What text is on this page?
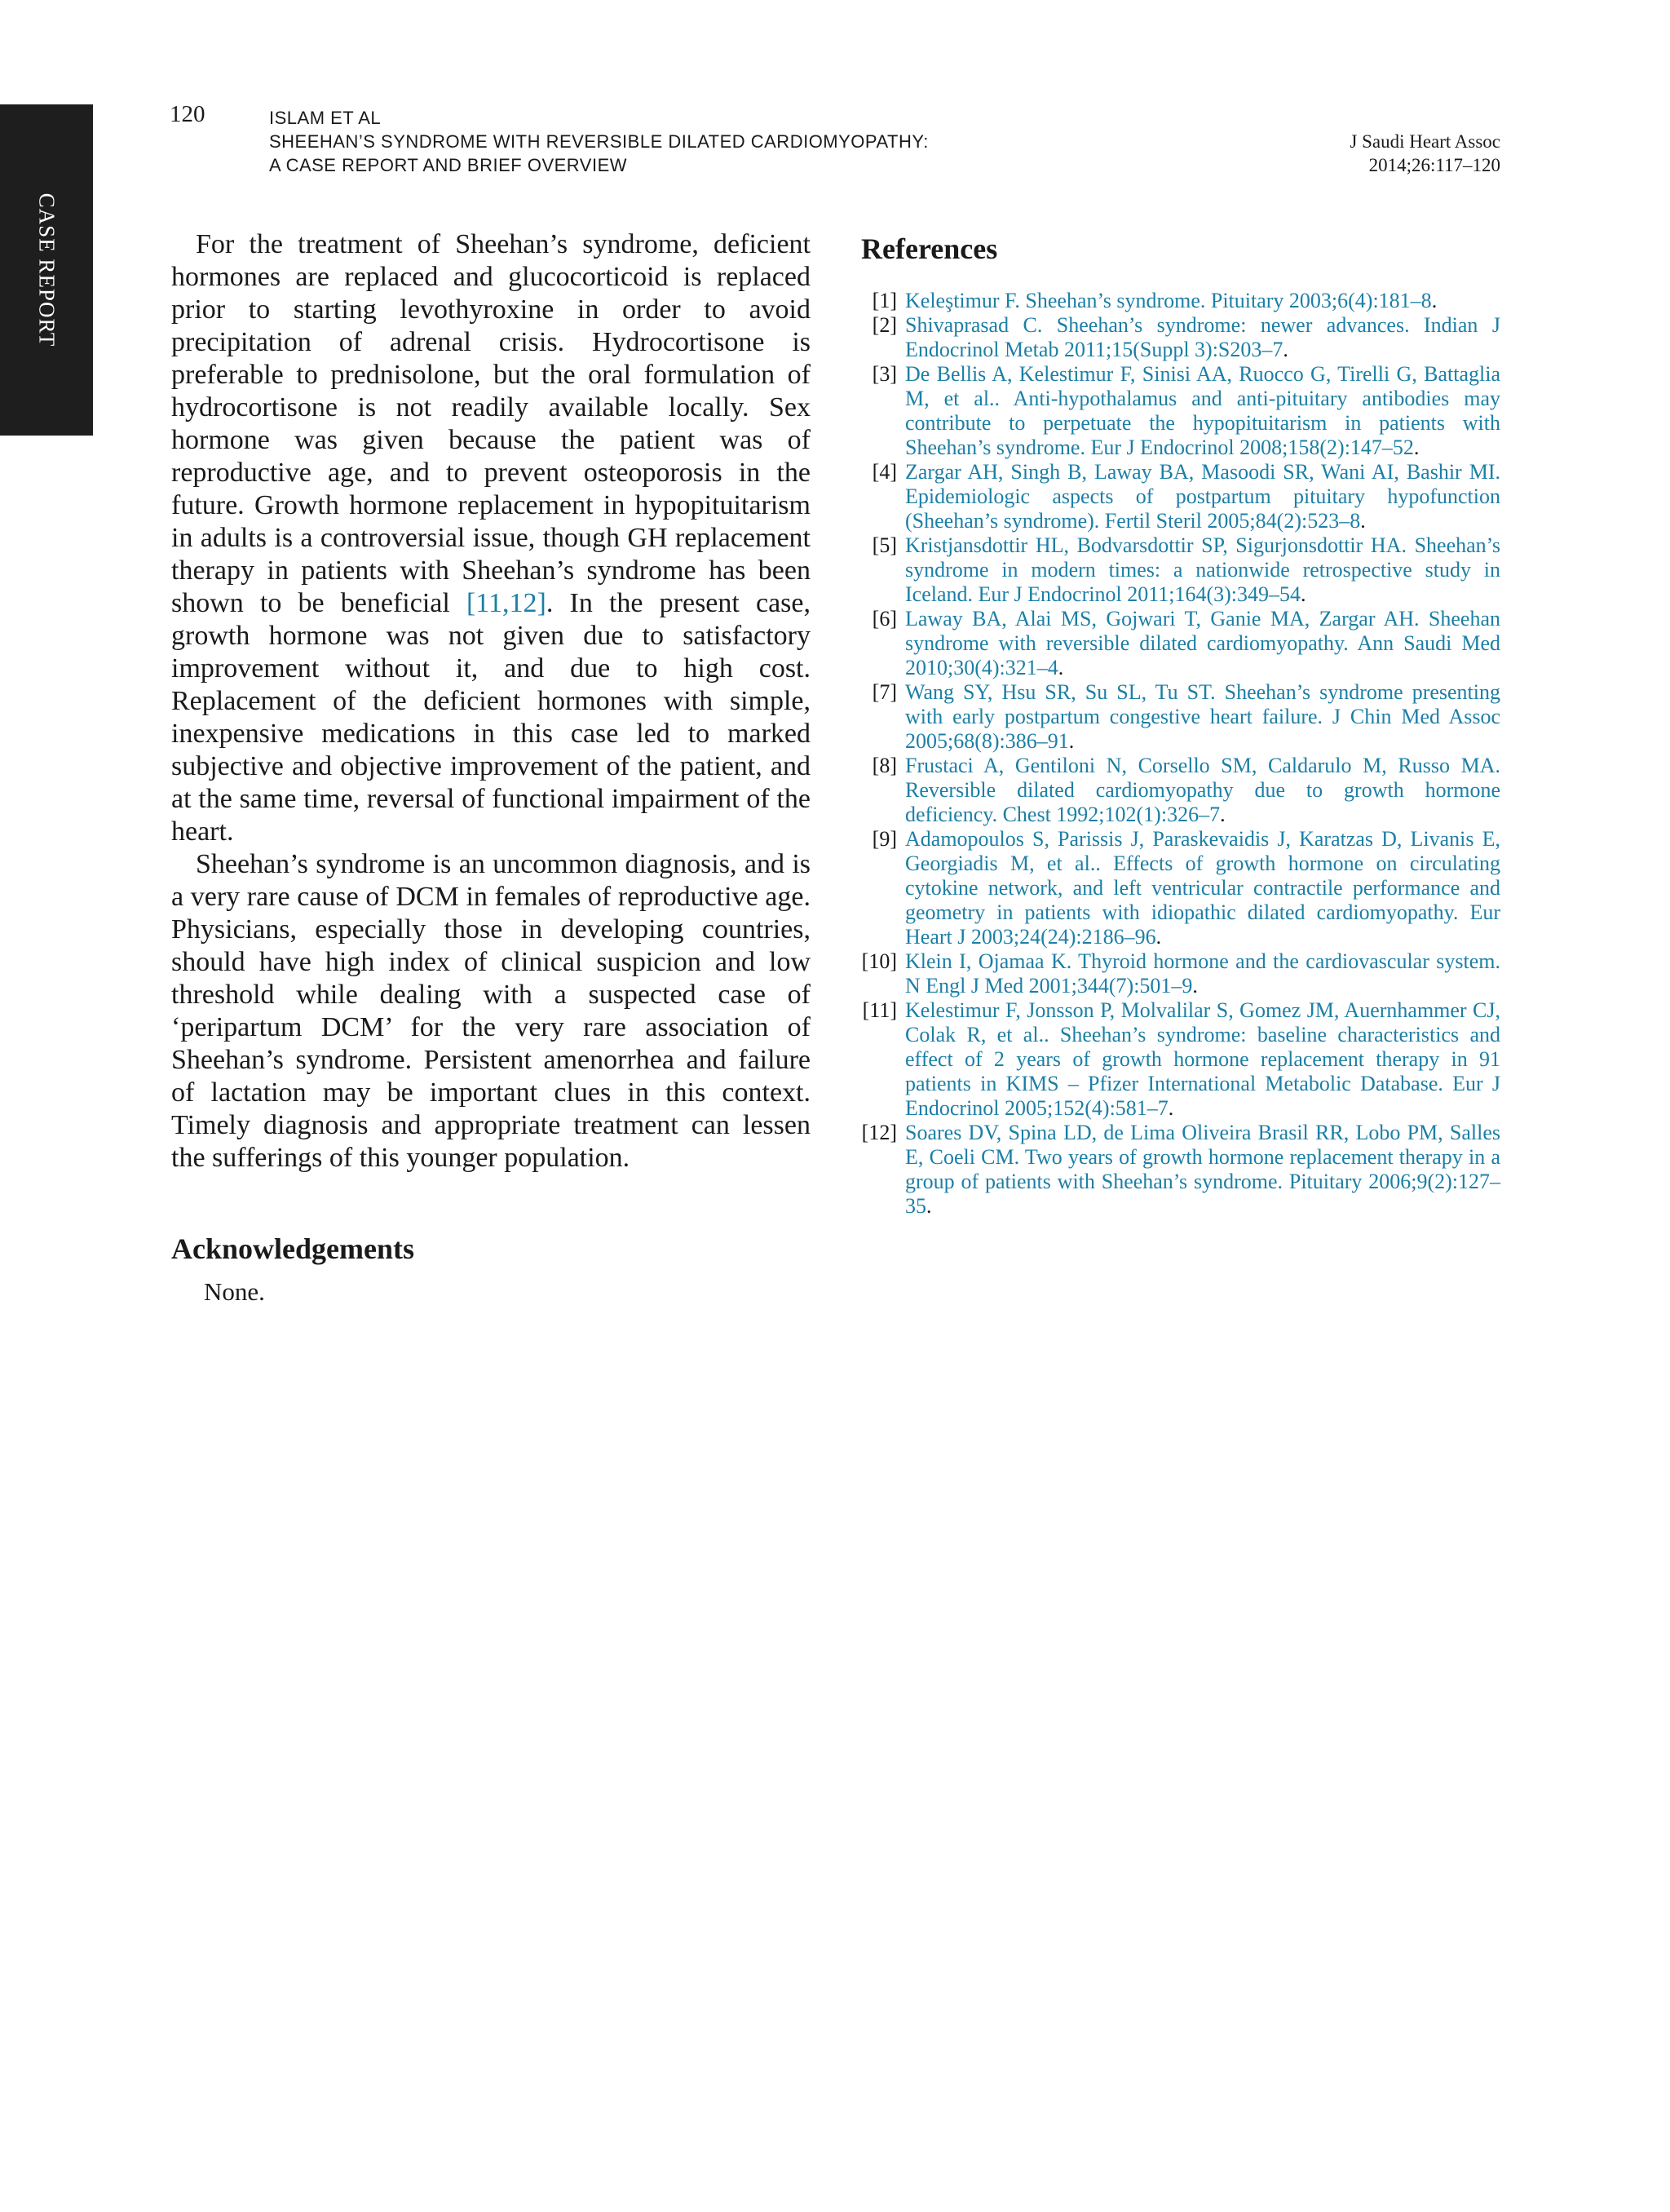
CASE REPORT
120	ISLAM ET AL
SHEEHAN’S SYNDROME WITH REVERSIBLE DILATED CARDIOMYOPATHY:
A CASE REPORT AND BRIEF OVERVIEW
J Saudi Heart Assoc
2014;26:117–120

For the treatment of Sheehan’s syndrome, deficient hormones are replaced and glucocorticoid is replaced prior to starting levothyroxine in order to avoid precipitation of adrenal crisis. Hydrocortisone is preferable to prednisolone, but the oral formulation of hydrocortisone is not readily available locally. Sex hormone was given because the patient was of reproductive age, and to prevent osteoporosis in the future. Growth hormone replacement in hypopituitarism in adults is a controversial issue, though GH replacement therapy in patients with Sheehan’s syndrome has been shown to be beneficial [11,12]. In the present case, growth hormone was not given due to satisfactory improvement without it, and due to high cost. Replacement of the deficient hormones with simple, inexpensive medications in this case led to marked subjective and objective improvement of the patient, and at the same time, reversal of functional impairment of the heart.

Sheehan’s syndrome is an uncommon diagnosis, and is a very rare cause of DCM in females of reproductive age. Physicians, especially those in developing countries, should have high index of clinical suspicion and low threshold while dealing with a suspected case of ‘peripartum DCM’ for the very rare association of Sheehan’s syndrome. Persistent amenorrhea and failure of lactation may be important clues in this context. Timely diagnosis and appropriate treatment can lessen the sufferings of this younger population.

Acknowledgements

None.

References
[1] Keleştimur F. Sheehan’s syndrome. Pituitary 2003;6(4):181–8.
[2] Shivaprasad C. Sheehan’s syndrome: newer advances. Indian J Endocrinol Metab 2011;15(Suppl 3):S203–7.
[3] De Bellis A, Kelestimur F, Sinisi AA, Ruocco G, Tirelli G, Battaglia M, et al.. Anti-hypothalamus and anti-pituitary antibodies may contribute to perpetuate the hypopituitarism in patients with Sheehan’s syndrome. Eur J Endocrinol 2008;158(2):147–52.
[4] Zargar AH, Singh B, Laway BA, Masoodi SR, Wani AI, Bashir MI. Epidemiologic aspects of postpartum pituitary hypofunction (Sheehan’s syndrome). Fertil Steril 2005;84(2):523–8.
[5] Kristjansdottir HL, Bodvarsdottir SP, Sigurjonsdottir HA. Sheehan’s syndrome in modern times: a nationwide retrospective study in Iceland. Eur J Endocrinol 2011;164(3):349–54.
[6] Laway BA, Alai MS, Gojwari T, Ganie MA, Zargar AH. Sheehan syndrome with reversible dilated cardiomyopathy. Ann Saudi Med 2010;30(4):321–4.
[7] Wang SY, Hsu SR, Su SL, Tu ST. Sheehan’s syndrome presenting with early postpartum congestive heart failure. J Chin Med Assoc 2005;68(8):386–91.
[8] Frustaci A, Gentiloni N, Corsello SM, Caldarulo M, Russo MA. Reversible dilated cardiomyopathy due to growth hormone deficiency. Chest 1992;102(1):326–7.
[9] Adamopoulos S, Parissis J, Paraskevaidis J, Karatzas D, Livanis E, Georgiadis M, et al.. Effects of growth hormone on circulating cytokine network, and left ventricular contractile performance and geometry in patients with idiopathic dilated cardiomyopathy. Eur Heart J 2003;24(24):2186–96.
[10] Klein I, Ojamaa K. Thyroid hormone and the cardiovascular system. N Engl J Med 2001;344(7):501–9.
[11] Kelestimur F, Jonsson P, Molvalilar S, Gomez JM, Auernhammer CJ, Colak R, et al.. Sheehan’s syndrome: baseline characteristics and effect of 2 years of growth hormone replacement therapy in 91 patients in KIMS – Pfizer International Metabolic Database. Eur J Endocrinol 2005;152(4):581–7.
[12] Soares DV, Spina LD, de Lima Oliveira Brasil RR, Lobo PM, Salles E, Coeli CM. Two years of growth hormone replacement therapy in a group of patients with Sheehan’s syndrome. Pituitary 2006;9(2):127–35.
